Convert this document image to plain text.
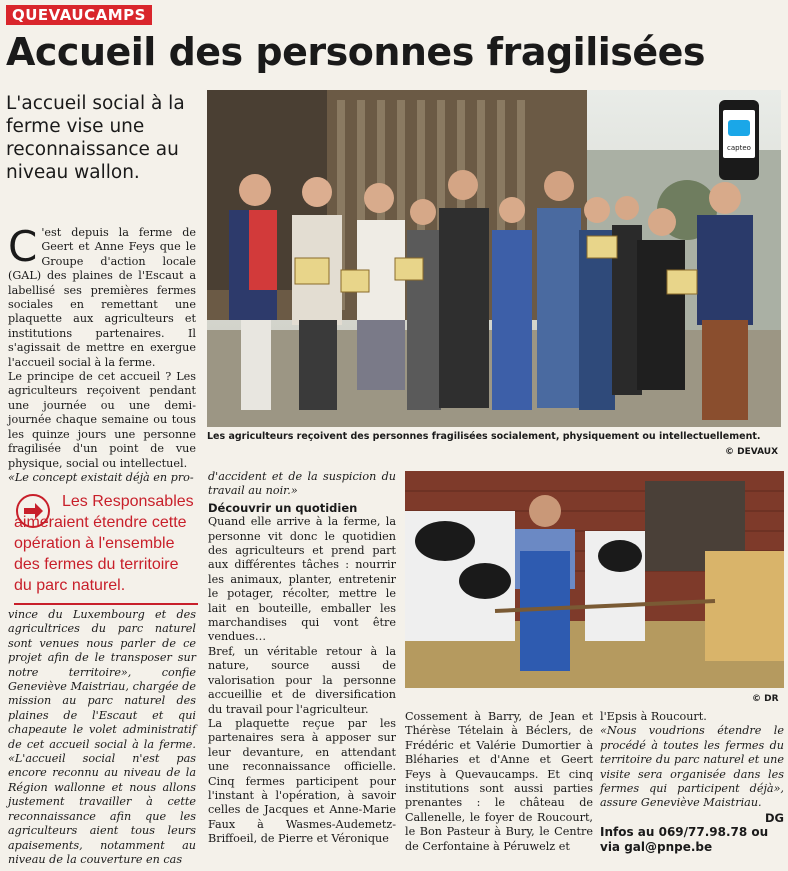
QUEVAUCAMPS
Accueil des personnes fragilisées
L'accueil social à la ferme vise une reconnaissance au niveau wallon.
capteo
Les agriculteurs reçoivent des personnes fragilisées socialement, physiquement ou intellectuellement.
© DEVAUX
© DR

C 'est depuis la ferme de Geert et Anne Feys que le Groupe d'action locale (GAL) des plaines de l'Escaut a labellisé ses premières fermes sociales en remettant une plaquette aux agriculteurs et institutions partenaires. Il s'agissait de mettre en exergue l'accueil social à la ferme.

Le principe de cet accueil ? Les agriculteurs reçoivent pendant une journée ou une demi-journée chaque semaine ou tous les quinze jours une personne fragilisée d'un point de vue physique, social ou intellectuel.

«Le concept existait déjà en pro-

Les Responsables aimeraient étendre cette opération à l'ensemble des fermes du territoire du parc naturel.

vince du Luxembourg et des agricultrices du parc naturel sont venues nous parler de ce projet afin de le transposer sur notre territoire», confie Geneviève Maistriau, chargée de mission au parc naturel des plaines de l'Escaut et qui chapeaute le volet administratif de cet accueil social à la ferme. «L'accueil social n'est pas encore reconnu au niveau de la Région wallonne et nous allons justement travailler à cette reconnaissance afin que les agriculteurs aient tous leurs apaisements, notamment au niveau de la couverture en cas

d'accident et de la suspicion du travail au noir.»

Découvrir un quotidien

Quand elle arrive à la ferme, la personne vit donc le quotidien des agriculteurs et prend part aux différentes tâches : nourrir les animaux, planter, entretenir le potager, récolter, mettre le lait en bouteille, emballer les marchandises qui vont être vendues…

Bref, un véritable retour à la nature, source aussi de valorisation pour la personne accueillie et de diversification du travail pour l'agriculteur.

La plaquette reçue par les partenaires sera à apposer sur leur devanture, en attendant une reconnaissance officielle. Cinq fermes participent pour l'instant à l'opération, à savoir celles de Jacques et Anne-Marie Faux à Wasmes-Audemetz-Briffoeil, de Pierre et Véronique

Cossement à Barry, de Jean et Thérèse Tételain à Béclers, de Frédéric et Valérie Dumortier à Bléharies et d'Anne et Geert Feys à Quevaucamps. Et cinq institutions sont aussi parties prenantes : le château de Callenelle, le foyer de Roucourt, le Bon Pasteur à Bury, le Centre de Cerfontaine à Péruwelz et

l'Epsis à Roucourt.

«Nous voudrions étendre le procédé à toutes les fermes du territoire du parc naturel et une visite sera organisée dans les fermes qui participent déjà», assure Geneviève Maistriau.

DG

Infos au 069/77.98.78 ou via gal@pnpe.be
